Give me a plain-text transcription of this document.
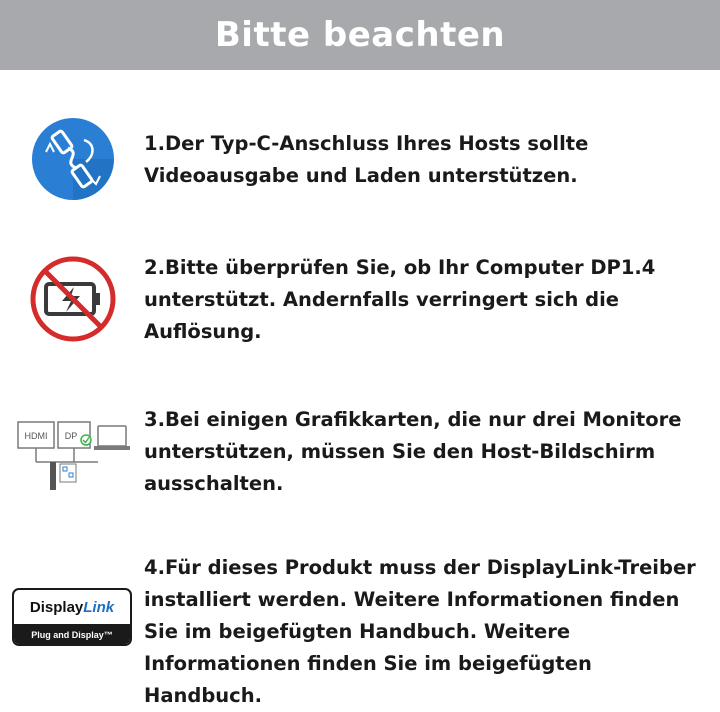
Bitte beachten
1.Der Typ-C-Anschluss Ihres Hosts sollte Videoausgabe und Laden unterstützen.
2.Bitte überprüfen Sie, ob Ihr Computer DP1.4 unterstützt. Andernfalls verringert sich die Auflösung.
HDMI DP
3.Bei einigen Grafikkarten, die nur drei Monitore unterstützen, müssen Sie den Host-Bildschirm ausschalten.
Display Link
Plug and Display™
4.Für dieses Produkt muss der DisplayLink-Treiber installiert werden. Weitere Informationen finden Sie im beigefügten Handbuch. Weitere Informationen finden Sie im beigefügten Handbuch.
